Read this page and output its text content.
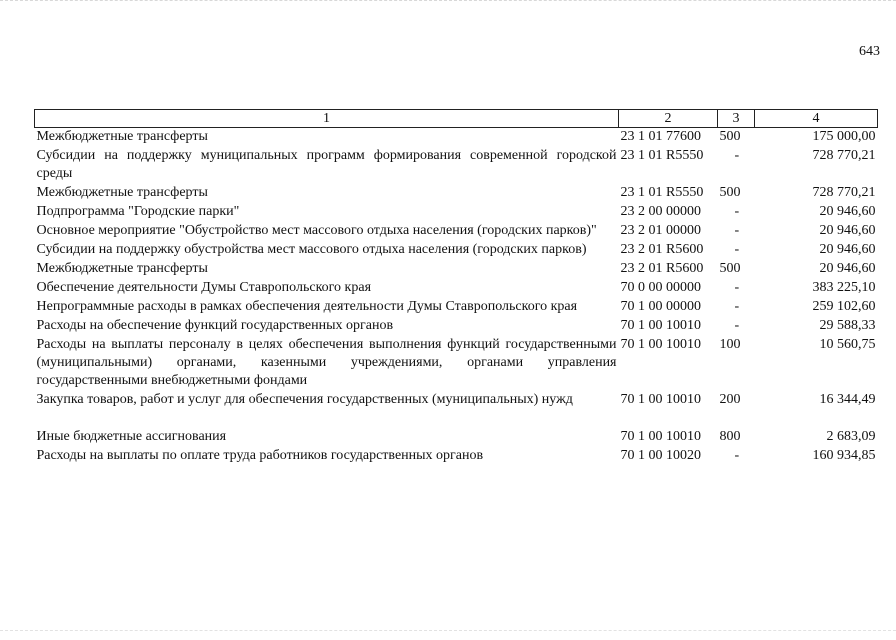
643
1	2	3	4
Межбюджетные трансферты	23 1 01 77600	500	175 000,00
Субсидии на поддержку муниципальных программ формирования современной городской среды	23 1 01 R5550	-	728 770,21
Межбюджетные трансферты	23 1 01 R5550	500	728 770,21
Подпрограмма "Городские парки"	23 2 00 00000	-	20 946,60
Основное мероприятие "Обустройство мест массового отдыха населения (городских парков)"	23 2 01 00000	-	20 946,60
Субсидии на поддержку обустройства мест массового отдыха населения (городских парков)	23 2 01 R5600	-	20 946,60
Межбюджетные трансферты	23 2 01 R5600	500	20 946,60
Обеспечение деятельности Думы Ставропольского края	70 0 00 00000	-	383 225,10
Непрограммные расходы в рамках обеспечения деятельности Думы Ставропольского края	70 1 00 00000	-	259 102,60
Расходы на обеспечение функций государственных органов	70 1 00 10010	-	29 588,33
Расходы на выплаты персоналу в целях обеспечения выполнения функций государственными (муниципальными) органами, казенными учреждениями, органами управления государственными внебюджетными фондами	70 1 00 10010	100	10 560,75
Закупка товаров, работ и услуг для обеспечения государственных (муниципальных) нужд	70 1 00 10010	200	16 344,49
Иные бюджетные ассигнования	70 1 00 10010	800	2 683,09
Расходы на выплаты по оплате труда работников государственных органов	70 1 00 10020	-	160 934,85
